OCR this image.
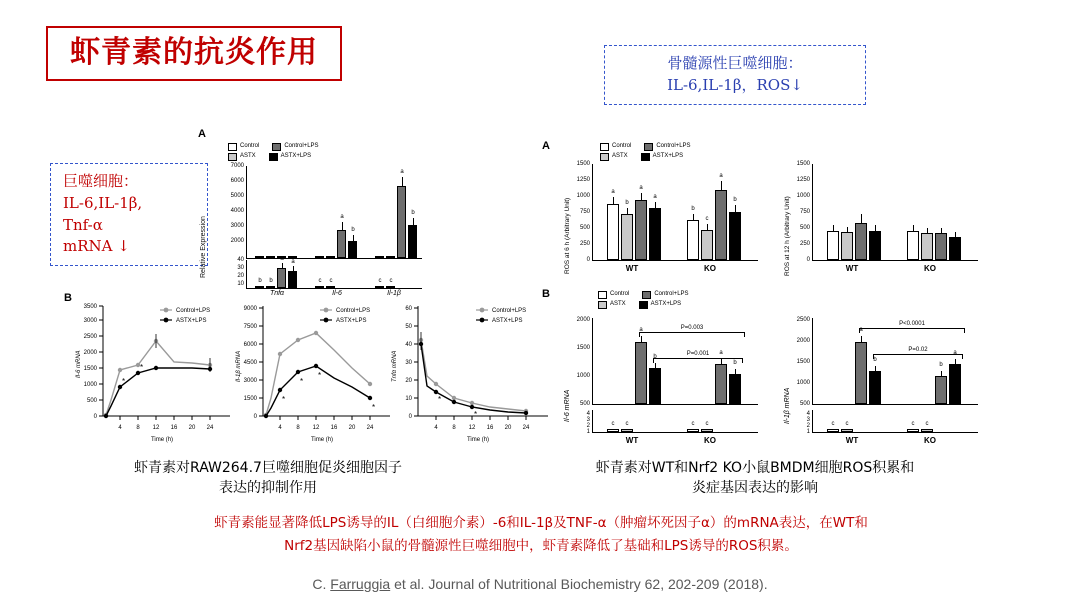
虾青素的抗炎作用
巨噬细胞：
IL-6,IL-1β,
Tnf-α
mRNA ↓
骨髓源性巨噬细胞：
IL-6,IL-1β，ROS↓
A
Control	Control+LPS
ASTX	ASTX+LPS
Relative Expression	a
b
a
b
7000
6000
5000
4000
3000
2000
a a
b b	c c	c c
40
30
20
10
Tnfα	Il-6	Il-1β
B
0
500
1000
1500
2000
2500
3000
3500
4 8 12 16 20 24
Time (h)
Il-6 mRNA
*
*
Control+LPS
ASTX+LPS
0
1500
3000
4500
6000
7500
9000
4 8 12 16 20 24
Time (h)
Il-1β mRNA
*
*
*
*
Control+LPS
ASTX+LPS
0
10
20
30
40
50
60
4 8 12 16 20 24
Time (h)
Tnfα mRNA
*
*
Control+LPS
ASTX+LPS
A	Control	Control+LPS
ASTX	ASTX+LPS
ROS at 6 h (Arbitrary Unit)
a
b
a
a
b
c
a
b
0
250
500
750
1000
1250
1500
WT	KO	ROS at 12 h (Arbitrary Unit)	0
250
500
750
1000
1250
1500
WT	KO
B	Control	Control+LPS
ASTX	ASTX+LPS
Il-6 mRNA
a
b
a
b
P=0.003
P=0.001
500
1000
1500
2000
c c	c c
4
3
2
1
WT	KO
Il-1β mRNA
a
b
b
a
P<0.0001
P=0.02
500
1000
1500
2000
2500
c c	c c
4
3
2
1
WT	KO
虾青素对RAW264.7巨噬细胞促炎细胞因子
表达的抑制作用
虾青素对WT和Nrf2 KO小鼠BMDM细胞ROS积累和
炎症基因表达的影响
虾青素能显著降低LPS诱导的IL（白细胞介素）-6和IL-1β及TNF-α（肿瘤坏死因子α）的mRNA表达，在WT和
Nrf2基因缺陷小鼠的骨髓源性巨噬细胞中，虾青素降低了基础和LPS诱导的ROS积累。
C. Farruggia et al. Journal of Nutritional Biochemistry 62, 202-209 (2018).
